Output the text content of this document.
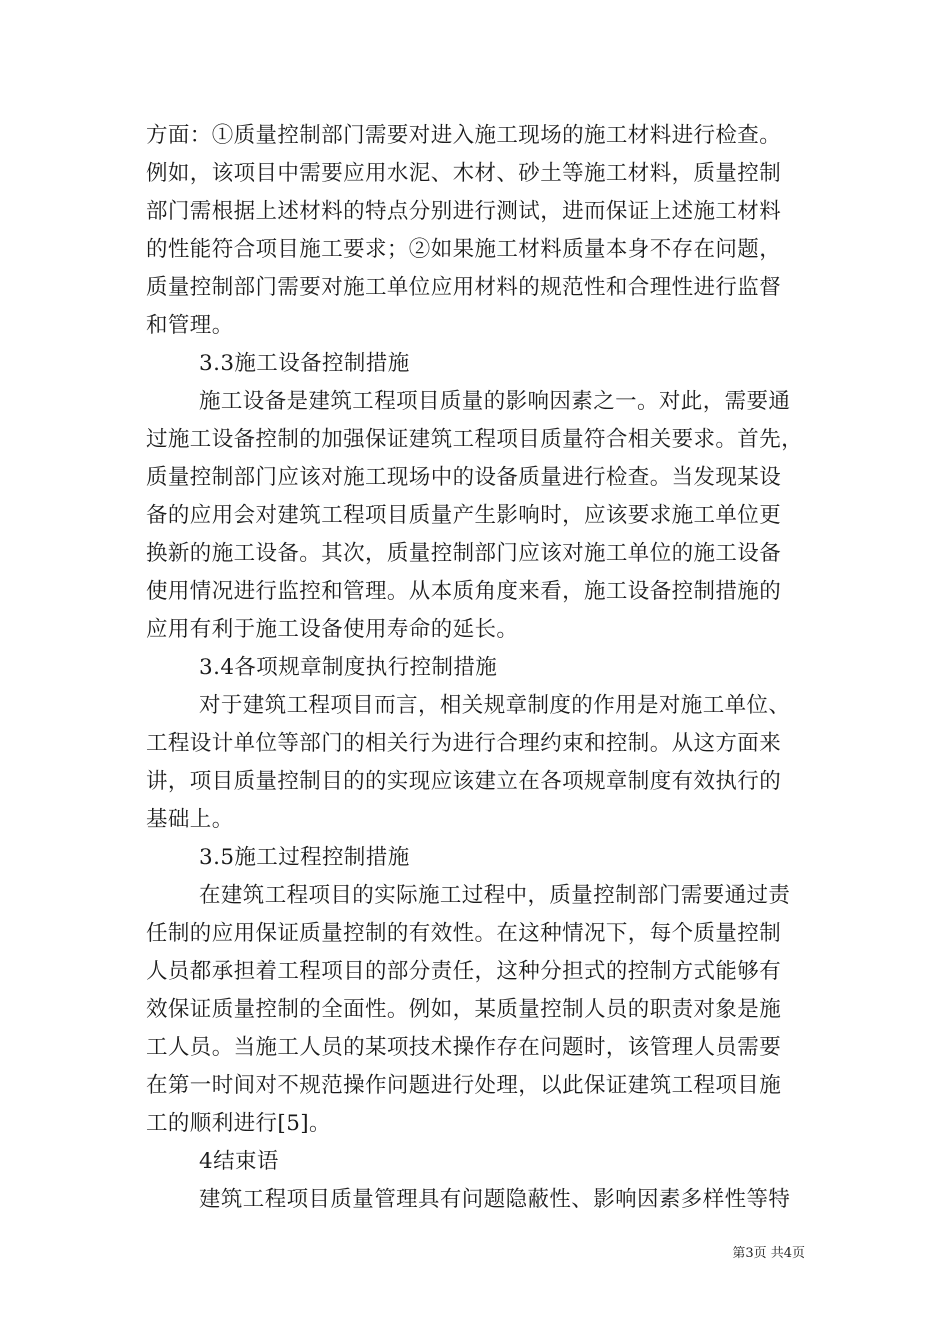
方面：①质量控制部门需要对进入施工现场的施工材料进行检查。
例如，该项目中需要应用水泥、木材、砂土等施工材料，质量控制
部门需根据上述材料的特点分别进行测试，进而保证上述施工材料
的性能符合项目施工要求；②如果施工材料质量本身不存在问题，
质量控制部门需要对施工单位应用材料的规范性和合理性进行监督
和管理。
3.3施工设备控制措施
施工设备是建筑工程项目质量的影响因素之一。对此，需要通
过施工设备控制的加强保证建筑工程项目质量符合相关要求。首先，
质量控制部门应该对施工现场中的设备质量进行检查。当发现某设
备的应用会对建筑工程项目质量产生影响时，应该要求施工单位更
换新的施工设备。其次，质量控制部门应该对施工单位的施工设备
使用情况进行监控和管理。从本质角度来看，施工设备控制措施的
应用有利于施工设备使用寿命的延长。
3.4各项规章制度执行控制措施
对于建筑工程项目而言，相关规章制度的作用是对施工单位、
工程设计单位等部门的相关行为进行合理约束和控制。从这方面来
讲，项目质量控制目的的实现应该建立在各项规章制度有效执行的
基础上。
3.5施工过程控制措施
在建筑工程项目的实际施工过程中，质量控制部门需要通过责
任制的应用保证质量控制的有效性。在这种情况下，每个质量控制
人员都承担着工程项目的部分责任，这种分担式的控制方式能够有
效保证质量控制的全面性。例如，某质量控制人员的职责对象是施
工人员。当施工人员的某项技术操作存在问题时，该管理人员需要
在第一时间对不规范操作问题进行处理，以此保证建筑工程项目施
工的顺利进行[5]。
4结束语
建筑工程项目质量管理具有问题隐蔽性、影响因素多样性等特
第3页 共4页
